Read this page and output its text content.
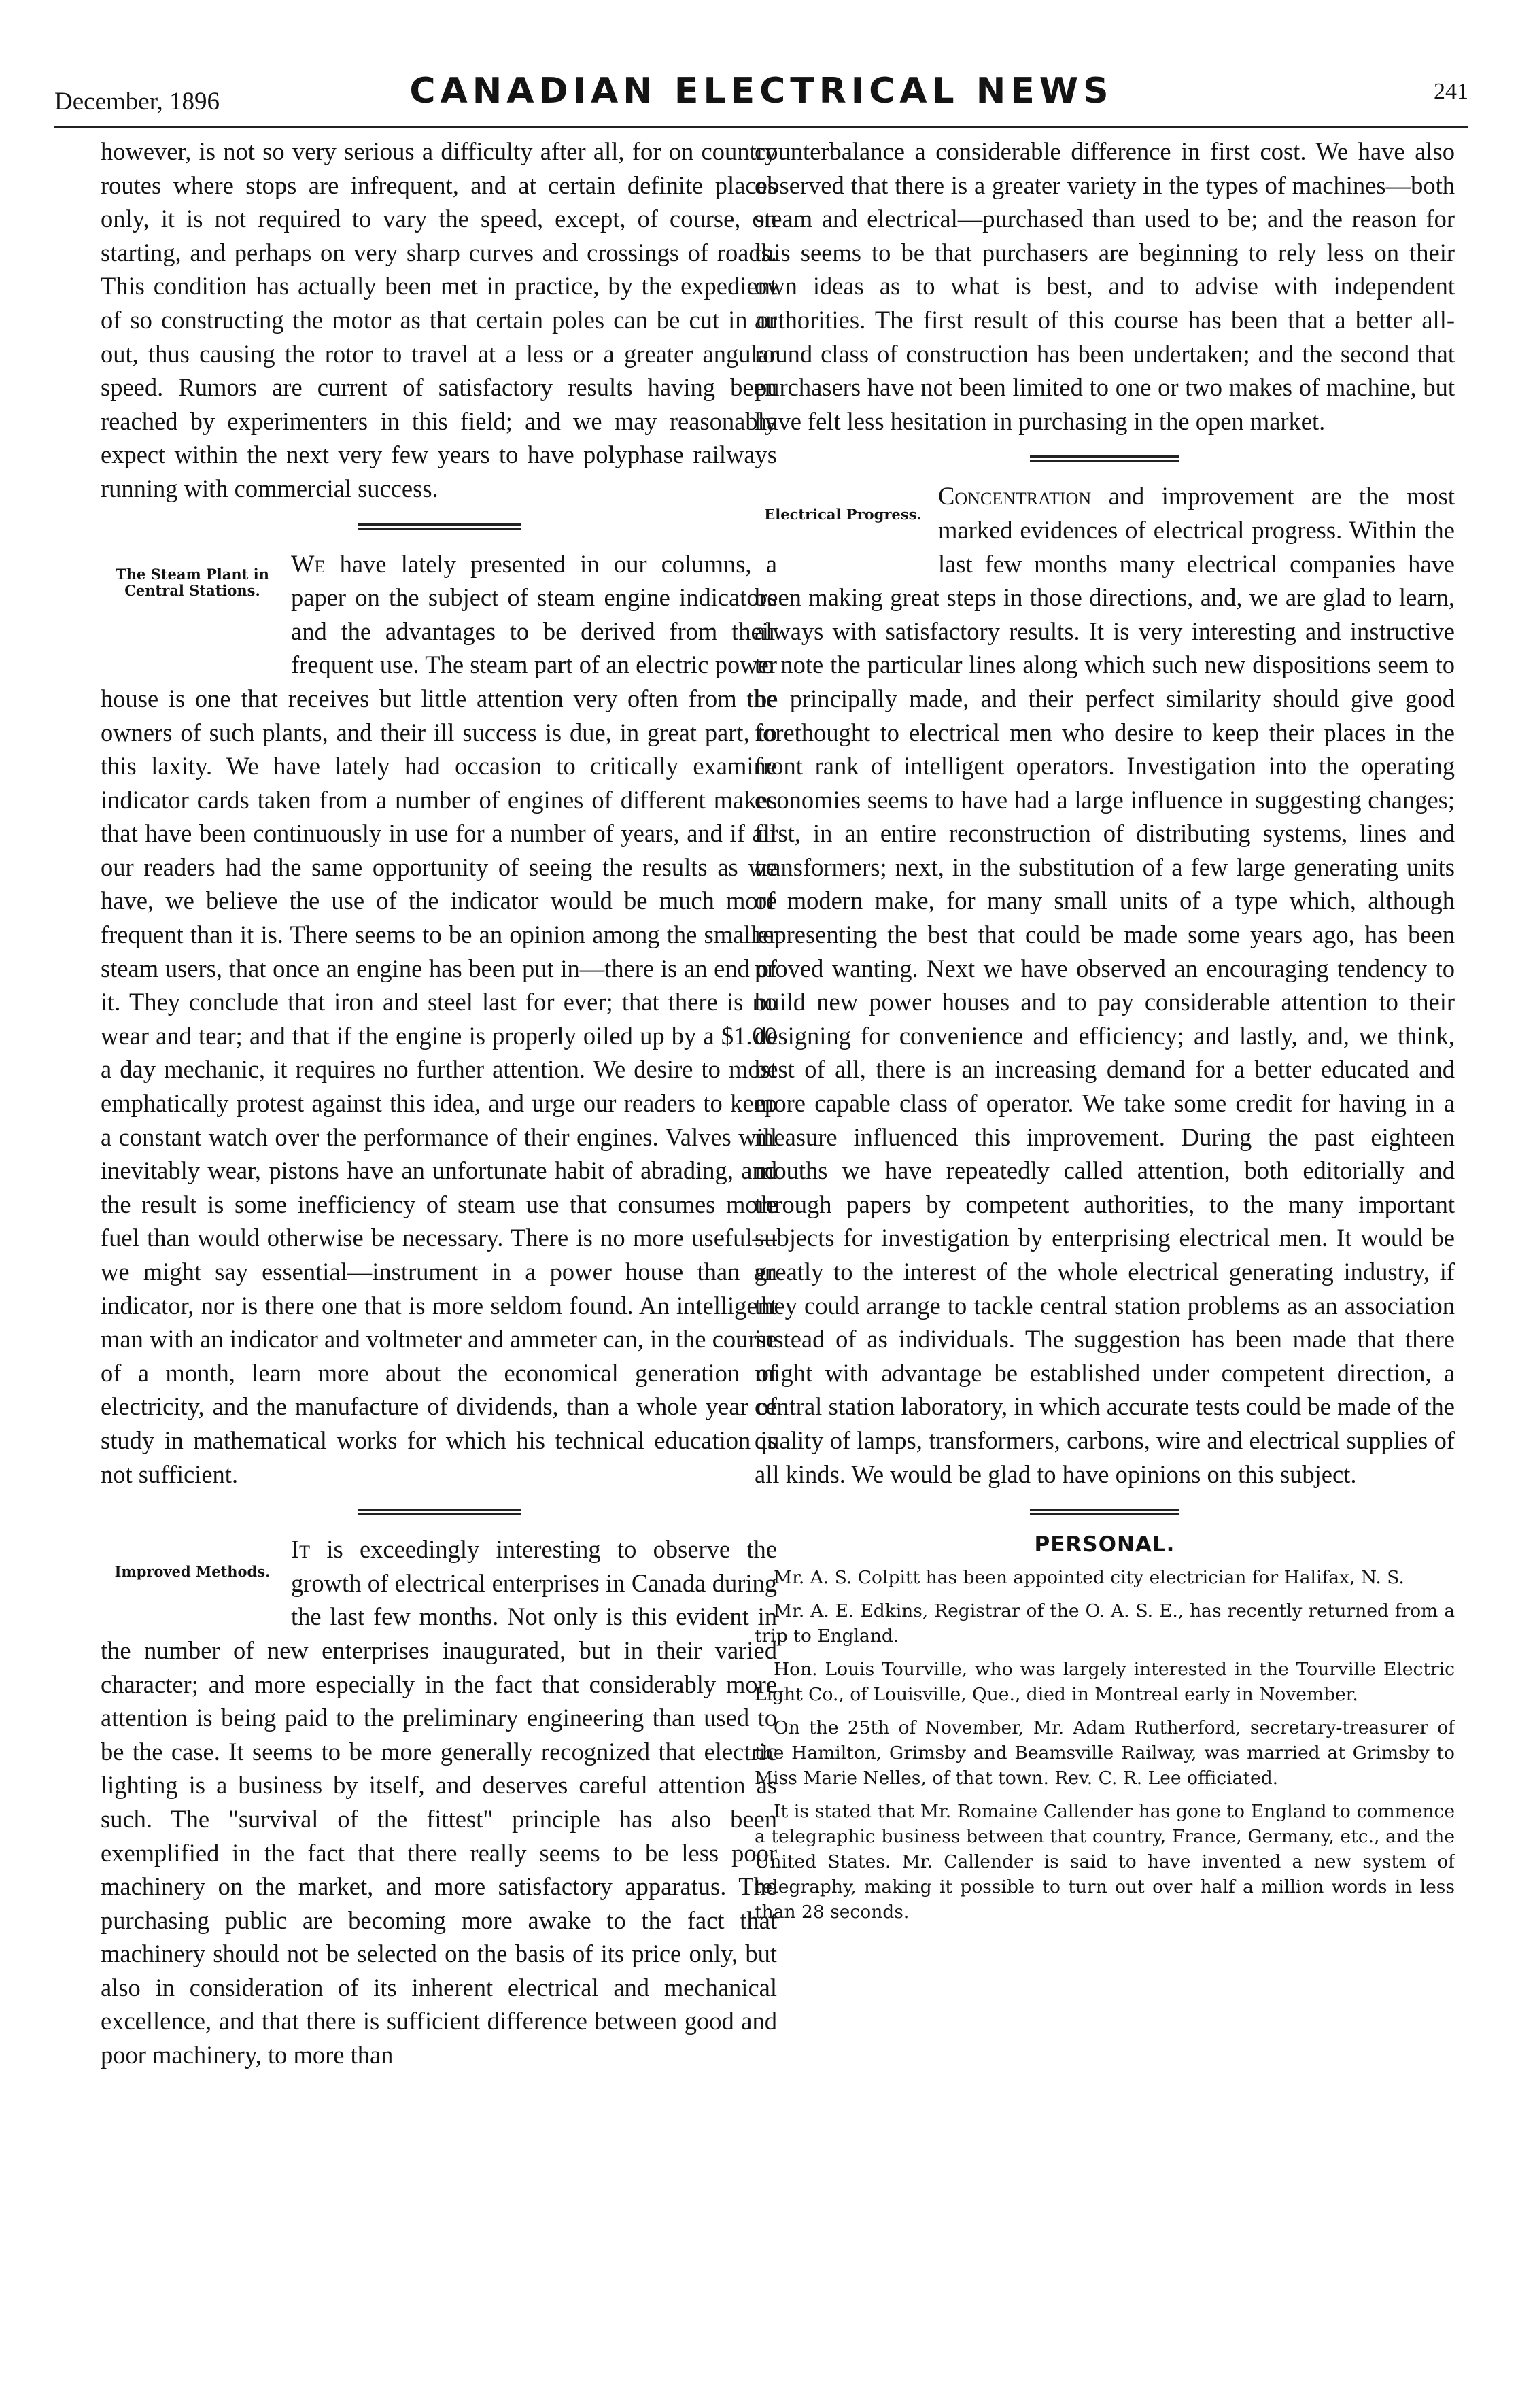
December, 1896	CANADIAN ELECTRICAL NEWS	241

however, is not so very serious a difficulty after all, for on country routes where stops are infrequent, and at certain definite places only, it is not required to vary the speed, except, of course, on starting, and perhaps on very sharp curves and crossings of roads. This condition has actually been met in practice, by the expedient of so constructing the motor as that certain poles can be cut in or out, thus causing the rotor to travel at a less or a greater angular speed. Rumors are current of satisfactory results having been reached by experimenters in this field; and we may reasonably expect within the next very few years to have polyphase railways running with commercial success.

The Steam Plant in Central Stations.

We have lately presented in our columns, a paper on the subject of steam engine indicators and the advantages to be derived from their frequent use. The steam part of an electric power house is one that receives but little attention very often from the owners of such plants, and their ill success is due, in great part, to this laxity. We have lately had occasion to critically examine indicator cards taken from a number of engines of different makes that have been continuously in use for a number of years, and if all our readers had the same opportunity of seeing the results as we have, we believe the use of the indicator would be much more frequent than it is. There seems to be an opinion among the smaller steam users, that once an engine has been put in—there is an end of it. They conclude that iron and steel last for ever; that there is no wear and tear; and that if the engine is properly oiled up by a $1.00 a day mechanic, it requires no further attention. We desire to most emphatically protest against this idea, and urge our readers to keep a constant watch over the performance of their engines. Valves will inevitably wear, pistons have an unfortunate habit of abrading, and the result is some inefficiency of steam use that consumes more fuel than would otherwise be necessary. There is no more useful—we might say essential—instrument in a power house than an indicator, nor is there one that is more seldom found. An intelligent man with an indicator and voltmeter and ammeter can, in the course of a month, learn more about the economical generation of electricity, and the manufacture of dividends, than a whole year of study in mathematical works for which his technical education is not sufficient.

Improved Methods.

It is exceedingly interesting to observe the growth of electrical enterprises in Canada during the last few months. Not only is this evident in the number of new enterprises inaugurated, but in their varied character; and more especially in the fact that considerably more attention is being paid to the preliminary engineering than used to be the case. It seems to be more generally recognized that electric lighting is a business by itself, and deserves careful attention as such. The "survival of the fittest" principle has also been exemplified in the fact that there really seems to be less poor machinery on the market, and more satisfactory apparatus. The purchasing public are becoming more awake to the fact that machinery should not be selected on the basis of its price only, but also in consideration of its inherent electrical and mechanical excellence, and that there is sufficient difference between good and poor machinery, to more than

counterbalance a considerable difference in first cost. We have also observed that there is a greater variety in the types of machines—both steam and electrical—purchased than used to be; and the reason for this seems to be that purchasers are beginning to rely less on their own ideas as to what is best, and to advise with independent authorities. The first result of this course has been that a better all-round class of construction has been undertaken; and the second that purchasers have not been limited to one or two makes of machine, but have felt less hesitation in purchasing in the open market.

Electrical Progress.

Concentration and improvement are the most marked evidences of electrical progress. Within the last few months many electrical companies have been making great steps in those directions, and, we are glad to learn, always with satisfactory results. It is very interesting and instructive to note the particular lines along which such new dispositions seem to be principally made, and their perfect similarity should give good forethought to electrical men who desire to keep their places in the front rank of intelligent operators. Investigation into the operating economies seems to have had a large influence in suggesting changes; first, in an entire reconstruction of distributing systems, lines and transformers; next, in the substitution of a few large generating units of modern make, for many small units of a type which, although representing the best that could be made some years ago, has been proved wanting. Next we have observed an encouraging tendency to build new power houses and to pay considerable attention to their designing for convenience and efficiency; and lastly, and, we think, best of all, there is an increasing demand for a better educated and more capable class of operator. We take some credit for having in a measure influenced this improvement. During the past eighteen mouths we have repeatedly called attention, both editorially and through papers by competent authorities, to the many important subjects for investigation by enterprising electrical men. It would be greatly to the interest of the whole electrical generating industry, if they could arrange to tackle central station problems as an association instead of as individuals. The suggestion has been made that there might with advantage be established under competent direction, a central station laboratory, in which accurate tests could be made of the quality of lamps, transformers, carbons, wire and electrical supplies of all kinds. We would be glad to have opinions on this subject.

PERSONAL.

Mr. A. S. Colpitt has been appointed city electrician for Halifax, N. S.

Mr. A. E. Edkins, Registrar of the O. A. S. E., has recently returned from a trip to England.

Hon. Louis Tourville, who was largely interested in the Tourville Electric Light Co., of Louisville, Que., died in Montreal early in November.

On the 25th of November, Mr. Adam Rutherford, secretary-treasurer of the Hamilton, Grimsby and Beamsville Railway, was married at Grimsby to Miss Marie Nelles, of that town. Rev. C. R. Lee officiated.

It is stated that Mr. Romaine Callender has gone to England to commence a telegraphic business between that country, France, Germany, etc., and the United States. Mr. Callender is said to have invented a new system of telegraphy, making it possible to turn out over half a million words in less than 28 seconds.
